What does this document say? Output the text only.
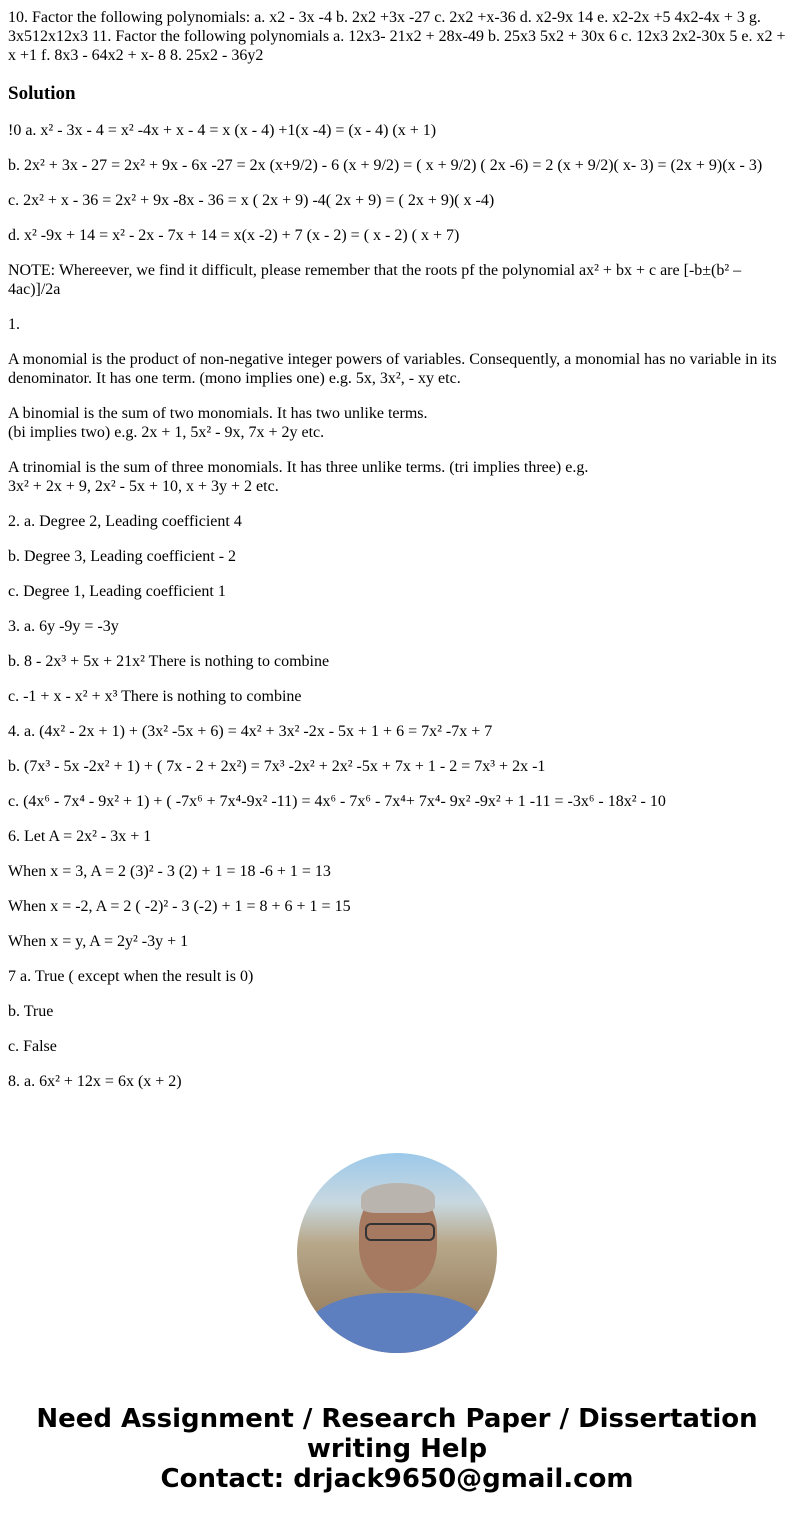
10. Factor the following polynomials: a. x2 - 3x -4 b. 2x2 +3x -27 c. 2x2 +x-36 d. x2-9x 14 e. x2-2x +5 4x2-4x + 3 g. 3x512x12x3 11. Factor the following polynomials a. 12x3- 21x2 + 28x-49 b. 25x3 5x2 + 30x 6 c. 12x3 2x2-30x 5 e. x2 + x +1 f. 8x3 - 64x2 + x- 8 8. 25x2 - 36y2

Solution

!0 a. x² - 3x - 4 = x² -4x + x - 4 = x (x - 4) +1(x -4) = (x - 4) (x + 1)

b. 2x² + 3x - 27 = 2x² + 9x - 6x -27 = 2x (x+9/2) - 6 (x + 9/2) = ( x + 9/2) ( 2x -6) = 2 (x + 9/2)( x- 3) = (2x + 9)(x - 3)

c. 2x² + x - 36 = 2x² + 9x -8x - 36 = x ( 2x + 9) -4( 2x + 9) = ( 2x + 9)( x -4)

d. x² -9x + 14 = x² - 2x - 7x + 14 = x(x -2) + 7 (x - 2) = ( x - 2) ( x + 7)

NOTE: Whereever, we find it difficult, please remember that the roots pf the polynomial ax² + bx + c are [-b±(b² – 4ac)]/2a

1.

A monomial is the product of non-negative integer powers of variables. Consequently, a monomial has no variable in its denominator. It has one term. (mono implies one) e.g. 5x, 3x², - xy etc.

A binomial is the sum of two monomials. It has two unlike terms.
(bi implies two) e.g. 2x + 1, 5x² - 9x, 7x + 2y etc.

A trinomial is the sum of three monomials. It has three unlike terms. (tri implies three) e.g.
3x² + 2x + 9, 2x² - 5x + 10, x + 3y + 2 etc.

2. a. Degree 2, Leading coefficient 4

b. Degree 3, Leading coefficient - 2

c. Degree 1, Leading coefficient 1

3. a. 6y -9y = -3y

b. 8 - 2x³ + 5x + 21x² There is nothing to combine

c. -1 + x - x² + x³ There is nothing to combine

4. a. (4x² - 2x + 1) + (3x² -5x + 6) = 4x² + 3x² -2x - 5x + 1 + 6 = 7x² -7x + 7

b. (7x³ - 5x -2x² + 1) + ( 7x - 2 + 2x²) = 7x³ -2x² + 2x² -5x + 7x + 1 - 2 = 7x³ + 2x -1

c. (4x⁶ - 7x⁴ - 9x² + 1) + ( -7x⁶ + 7x⁴-9x² -11) = 4x⁶ - 7x⁶ - 7x⁴+ 7x⁴- 9x² -9x² + 1 -11 = -3x⁶ - 18x² - 10

6. Let A = 2x² - 3x + 1

When x = 3, A = 2 (3)² - 3 (2) + 1 = 18 -6 + 1 = 13

When x = -2, A = 2 ( -2)² - 3 (-2) + 1 = 8 + 6 + 1 = 15

When x = y, A = 2y² -3y + 1

7 a. True ( except when the result is 0)

b. True

c. False

8. a. 6x² + 12x = 6x (x + 2)

Need Assignment / Research Paper / Dissertation writing Help
Contact: drjack9650@gmail.com
